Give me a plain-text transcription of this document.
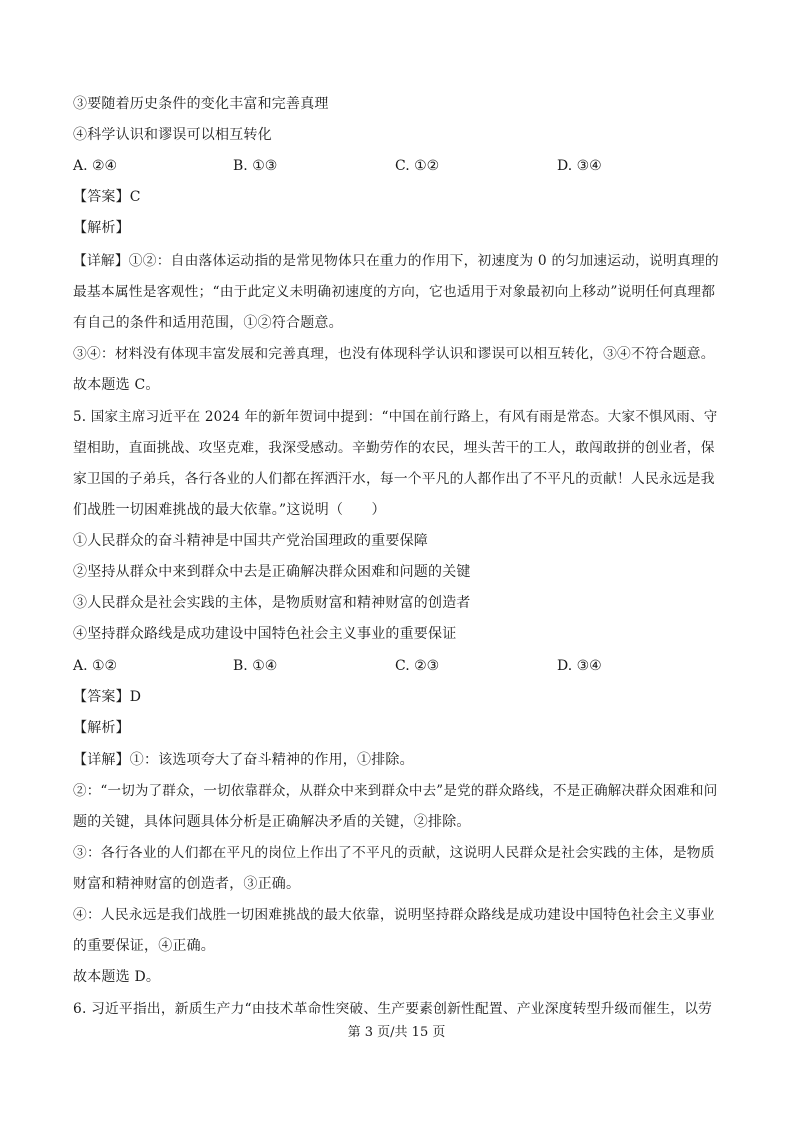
③要随着历史条件的变化丰富和完善真理
④科学认识和谬误可以相互转化
A. ②④	B. ①③	C. ①②	D. ③④
【答案】C
【解析】
【详解】①②：自由落体运动指的是常见物体只在重力的作用下，初速度为 0 的匀加速运动，说明真理的
最基本属性是客观性；“由于此定义未明确初速度的方向，它也适用于对象最初向上移动”说明任何真理都
有自己的条件和适用范围，①②符合题意。
③④：材料没有体现丰富发展和完善真理，也没有体现科学认识和谬误可以相互转化，③④不符合题意。
故本题选 C。
5. 国家主席习近平在 2024 年的新年贺词中提到：“中国在前行路上，有风有雨是常态。大家不惧风雨、守
望相助，直面挑战、攻坚克难，我深受感动。辛勤劳作的农民，埋头苦干的工人，敢闯敢拼的创业者，保
家卫国的子弟兵，各行各业的人们都在挥洒汗水，每一个平凡的人都作出了不平凡的贡献！人民永远是我
们战胜一切困难挑战的最大依靠。”这说明（　　）
①人民群众的奋斗精神是中国共产党治国理政的重要保障
②坚持从群众中来到群众中去是正确解决群众困难和问题的关键
③人民群众是社会实践的主体，是物质财富和精神财富的创造者
④坚持群众路线是成功建设中国特色社会主义事业的重要保证
A. ①②	B. ①④	C. ②③	D. ③④
【答案】D
【解析】
【详解】①：该选项夸大了奋斗精神的作用，①排除。
②：“一切为了群众，一切依靠群众，从群众中来到群众中去”是党的群众路线，不是正确解决群众困难和问
题的关键，具体问题具体分析是正确解决矛盾的关键，②排除。
③：各行各业的人们都在平凡的岗位上作出了不平凡的贡献，这说明人民群众是社会实践的主体，是物质
财富和精神财富的创造者，③正确。
④：人民永远是我们战胜一切困难挑战的最大依靠，说明坚持群众路线是成功建设中国特色社会主义事业
的重要保证，④正确。
故本题选 D。
6. 习近平指出，新质生产力“由技术革命性突破、生产要素创新性配置、产业深度转型升级而催生，以劳
第 3 页/共 15 页
